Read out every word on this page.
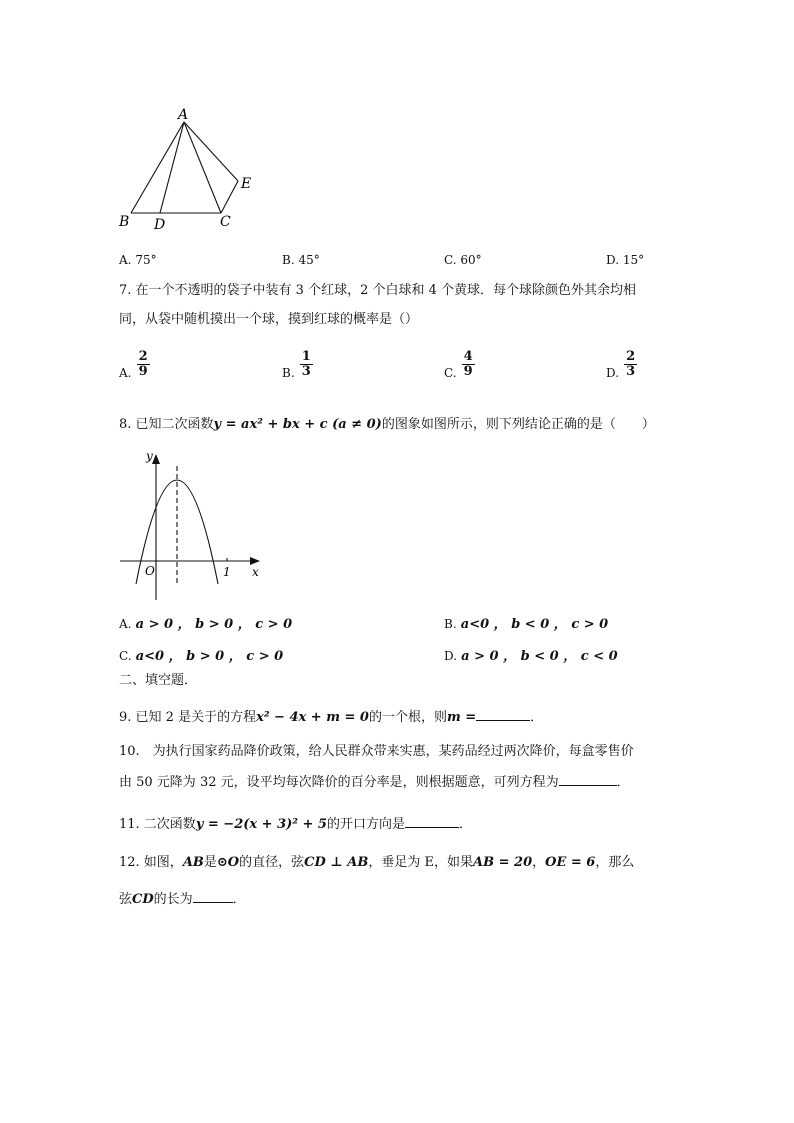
A
B D	C
E
A. 75°	B. 45°	C. 60°	D. 15°
7. 在一个不透明的袋子中装有 3 个红球，2 个白球和 4 个黄球．每个球除颜色外其余均相
同，从袋中随机摸出一个球，摸到红球的概率是（）
$_{A.} \frac{2}{9}$	$_{B.} \frac{1}{3}$	$_{C.} \frac{4}{9}$	$_{D.} \frac{2}{3}$
8. 已知二次函数y = ax² + bx + c (a ≠ 0)的图象如图所示，则下列结论正确的是（　　）
y
x
O	1
A. a > 0 ， b > 0 ， c > 0	B. a<0 ， b < 0 ， c > 0
C. a<0 ， b > 0 ， c > 0	D. a > 0 ， b < 0 ， c < 0
二、填空题．
9. 已知 2 是关于的方程x² − 4x + m = 0的一个根，则m =	．
10.　为执行国家药品降价政策，给人民群众带来实惠，某药品经过两次降价，每盒零售价
由 50 元降为 32 元，设平均每次降价的百分率是，则根据题意，可列方程为	．
11. 二次函数y = −2(x + 3)² + 5的开口方向是	．
12. 如图，AB是⊙O的直径，弦CD ⊥ AB，垂足为 E，如果AB = 20，OE = 6，那么
弦CD的长为	．
